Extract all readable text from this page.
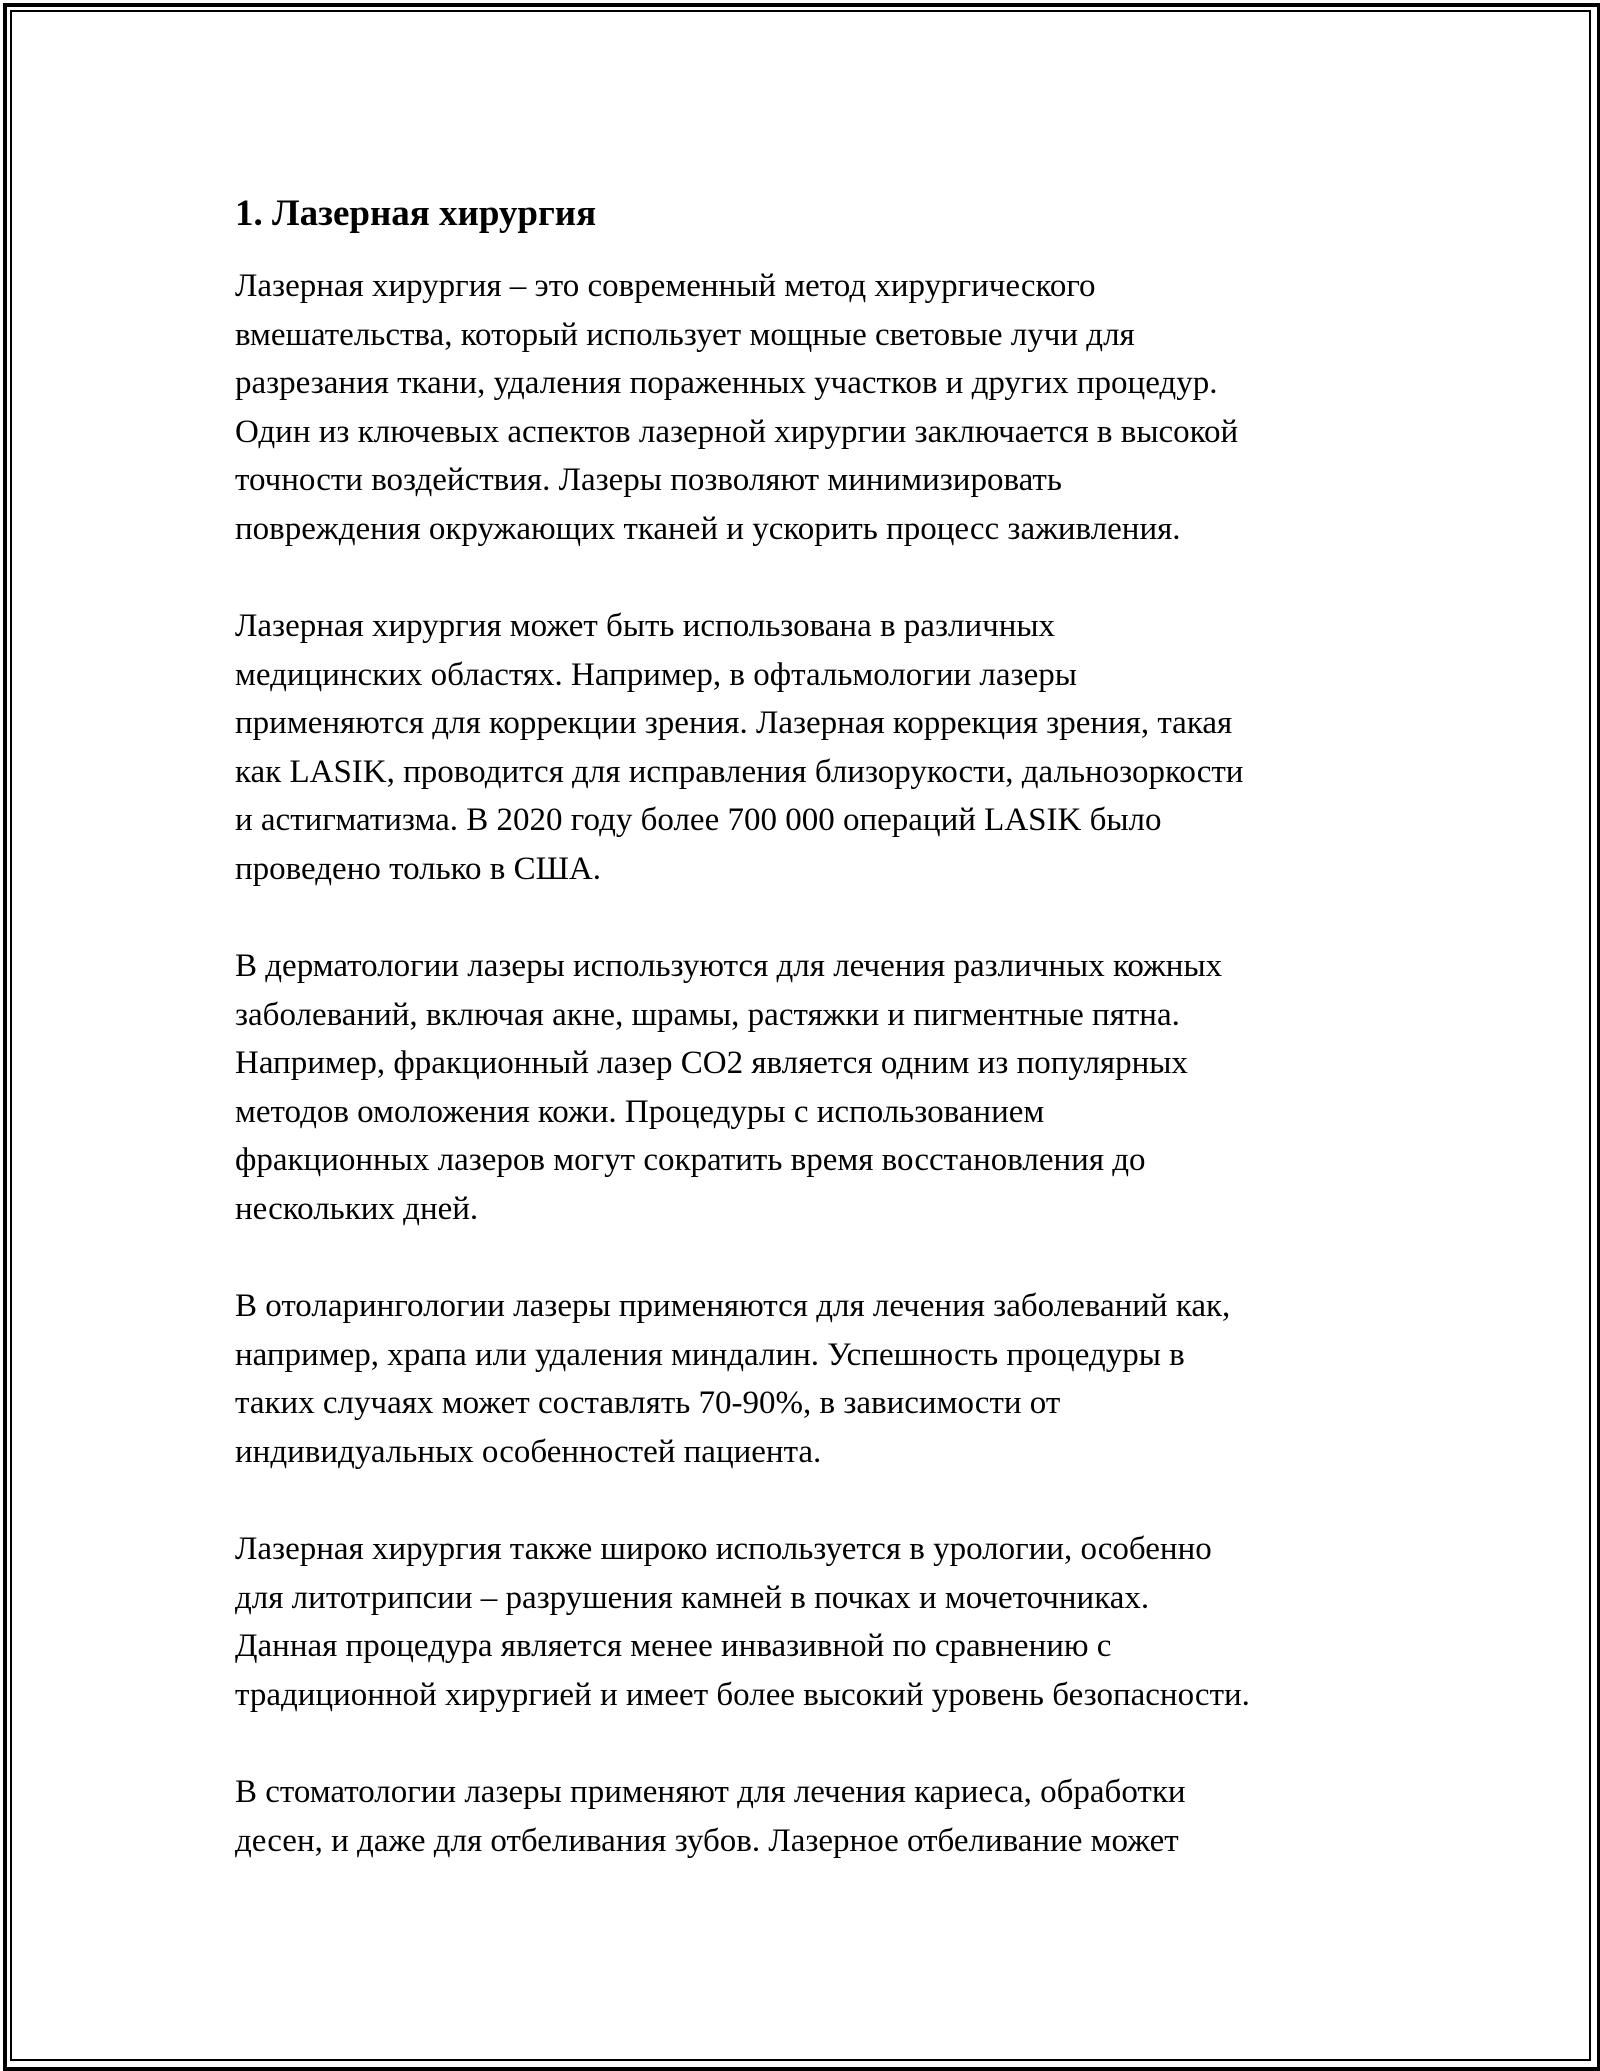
1. Лазерная хирургия
Лазерная хирургия – это современный метод хирургического
вмешательства, который использует мощные световые лучи для
разрезания ткани, удаления пораженных участков и других процедур.
Один из ключевых аспектов лазерной хирургии заключается в высокой
точности воздействия. Лазеры позволяют минимизировать
повреждения окружающих тканей и ускорить процесс заживления.
Лазерная хирургия может быть использована в различных
медицинских областях. Например, в офтальмологии лазеры
применяются для коррекции зрения. Лазерная коррекция зрения, такая
как LASIK, проводится для исправления близорукости, дальнозоркости
и астигматизма. В 2020 году более 700 000 операций LASIK было
проведено только в США.
В дерматологии лазеры используются для лечения различных кожных
заболеваний, включая акне, шрамы, растяжки и пигментные пятна.
Например, фракционный лазер CO2 является одним из популярных
методов омоложения кожи. Процедуры с использованием
фракционных лазеров могут сократить время восстановления до
нескольких дней.
В отоларингологии лазеры применяются для лечения заболеваний как,
например, храпа или удаления миндалин. Успешность процедуры в
таких случаях может составлять 70-90%, в зависимости от
индивидуальных особенностей пациента.
Лазерная хирургия также широко используется в урологии, особенно
для литотрипсии – разрушения камней в почках и мочеточниках.
Данная процедура является менее инвазивной по сравнению с
традиционной хирургией и имеет более высокий уровень безопасности.
В стоматологии лазеры применяют для лечения кариеса, обработки
десен, и даже для отбеливания зубов. Лазерное отбеливание может
